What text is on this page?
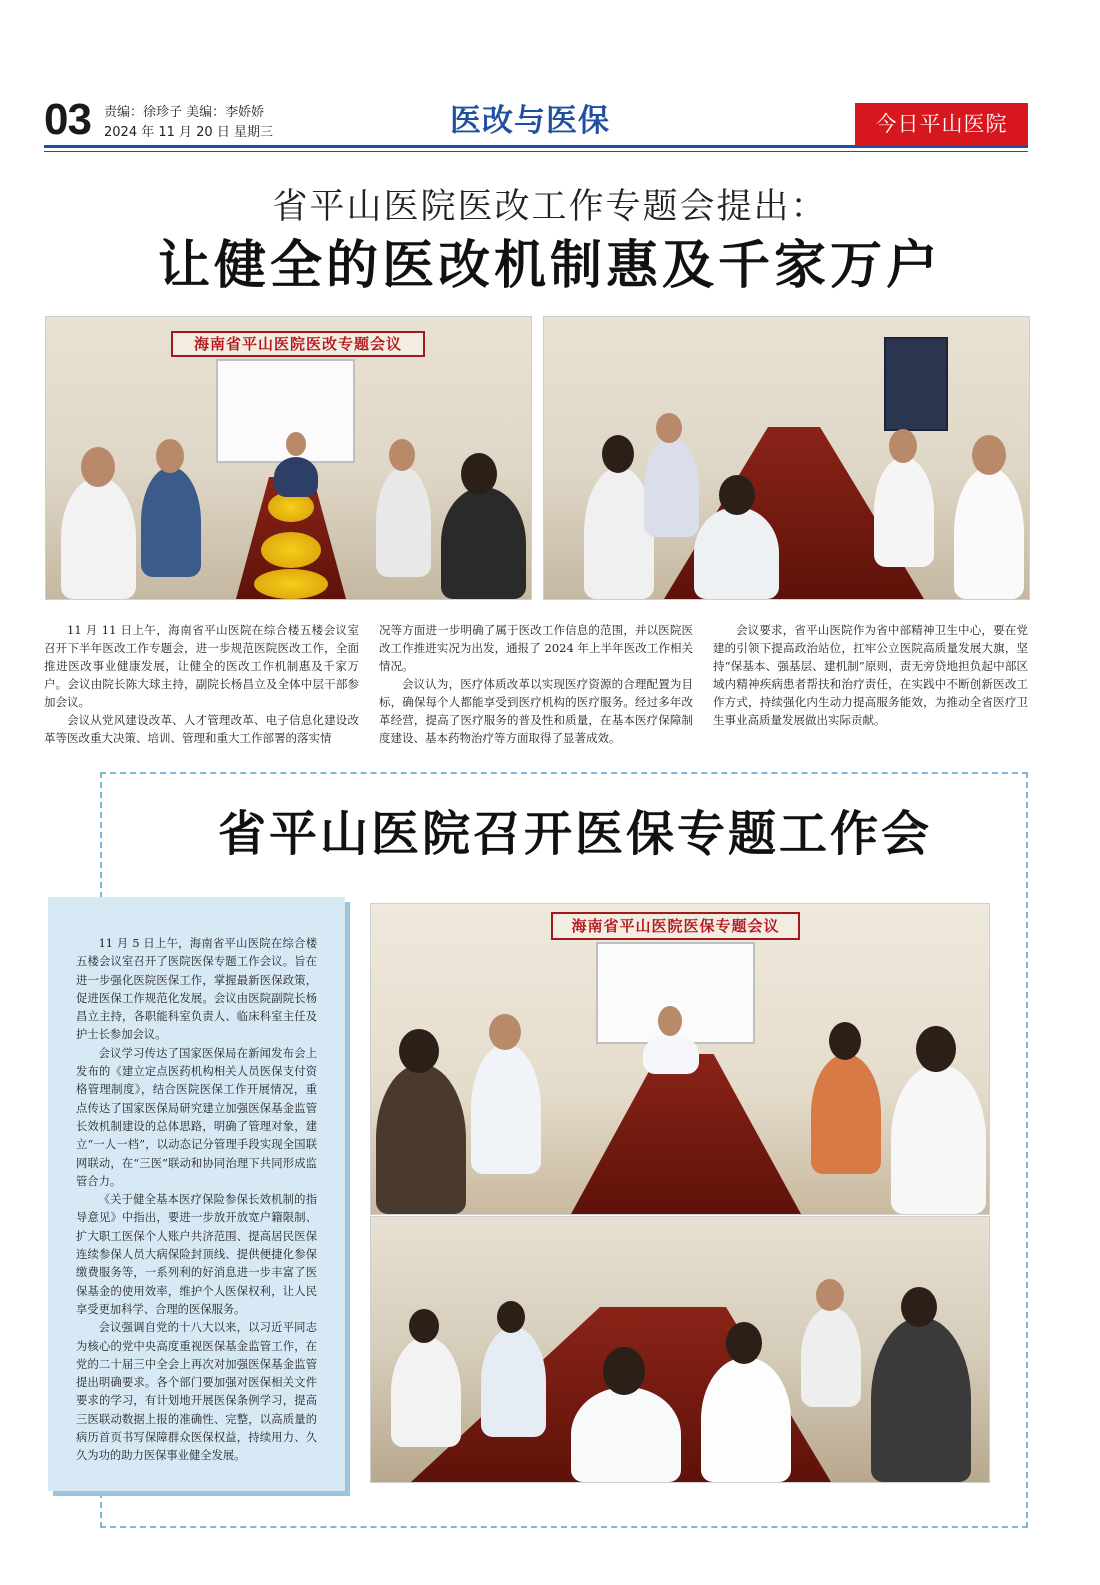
03 责编：徐珍子 美编：李娇娇
2024 年 11 月 20 日 星期三	医改与医保	今日平山医院
省平山医院医改工作专题会提出：
让健全的医改机制惠及千家万户
海南省平山医院医改专题会议

11 月 11 日上午，海南省平山医院在综合楼五楼会议室召开下半年医改工作专题会，进一步规范医院医改工作，全面推进医改事业健康发展，让健全的医改工作机制惠及千家万户。会议由院长陈大球主持，副院长杨昌立及全体中层干部参加会议。

会议从党风建设改革、人才管理改革、电子信息化建设改革等医改重大决策、培训、管理和重大工作部署的落实情

况等方面进一步明确了属于医改工作信息的范围，并以医院医改工作推进实况为出发，通报了 2024 年上半年医改工作相关情况。

会议认为，医疗体质改革以实现医疗资源的合理配置为目标，确保每个人都能享受到医疗机构的医疗服务。经过多年改革经营，提高了医疗服务的普及性和质量，在基本医疗保障制度建设、基本药物治疗等方面取得了显著成效。

会议要求，省平山医院作为省中部精神卫生中心，要在党建的引领下提高政治站位，扛牢公立医院高质量发展大旗，坚持“保基本、强基层、建机制”原则，责无旁贷地担负起中部区域内精神疾病患者帮扶和治疗责任，在实践中不断创新医改工作方式，持续强化内生动力提高服务能效，为推动全省医疗卫生事业高质量发展做出实际贡献。

省平山医院召开医保专题工作会

11 月 5 日上午，海南省平山医院在综合楼五楼会议室召开了医院医保专题工作会议。旨在进一步强化医院医保工作，掌握最新医保政策，促进医保工作规范化发展。会议由医院副院长杨昌立主持，各职能科室负责人、临床科室主任及护士长参加会议。

会议学习传达了国家医保局在新闻发布会上发布的《建立定点医药机构相关人员医保支付资格管理制度》，结合医院医保工作开展情况，重点传达了国家医保局研究建立加强医保基金监管长效机制建设的总体思路，明确了管理对象，建立“一人一档”，以动态记分管理手段实现全国联网联动，在“三医”联动和协同治理下共同形成监管合力。

《关于健全基本医疗保险参保长效机制的指导意见》中指出，要进一步放开放宽户籍限制、扩大职工医保个人账户共济范围、提高居民医保连续参保人员大病保险封顶线、提供便捷化参保缴费服务等，一系列利的好消息进一步丰富了医保基金的使用效率，维护个人医保权利，让人民享受更加科学、合理的医保服务。

会议强调自党的十八大以来，以习近平同志为核心的党中央高度重视医保基金监管工作，在党的二十届三中全会上再次对加强医保基金监管提出明确要求。各个部门要加强对医保相关文件要求的学习，有计划地开展医保条例学习，提高三医联动数据上报的准确性、完整，以高质量的病历首页书写保障群众医保权益，持续用力、久久为功的助力医保事业健全发展。

海南省平山医院医保专题会议
